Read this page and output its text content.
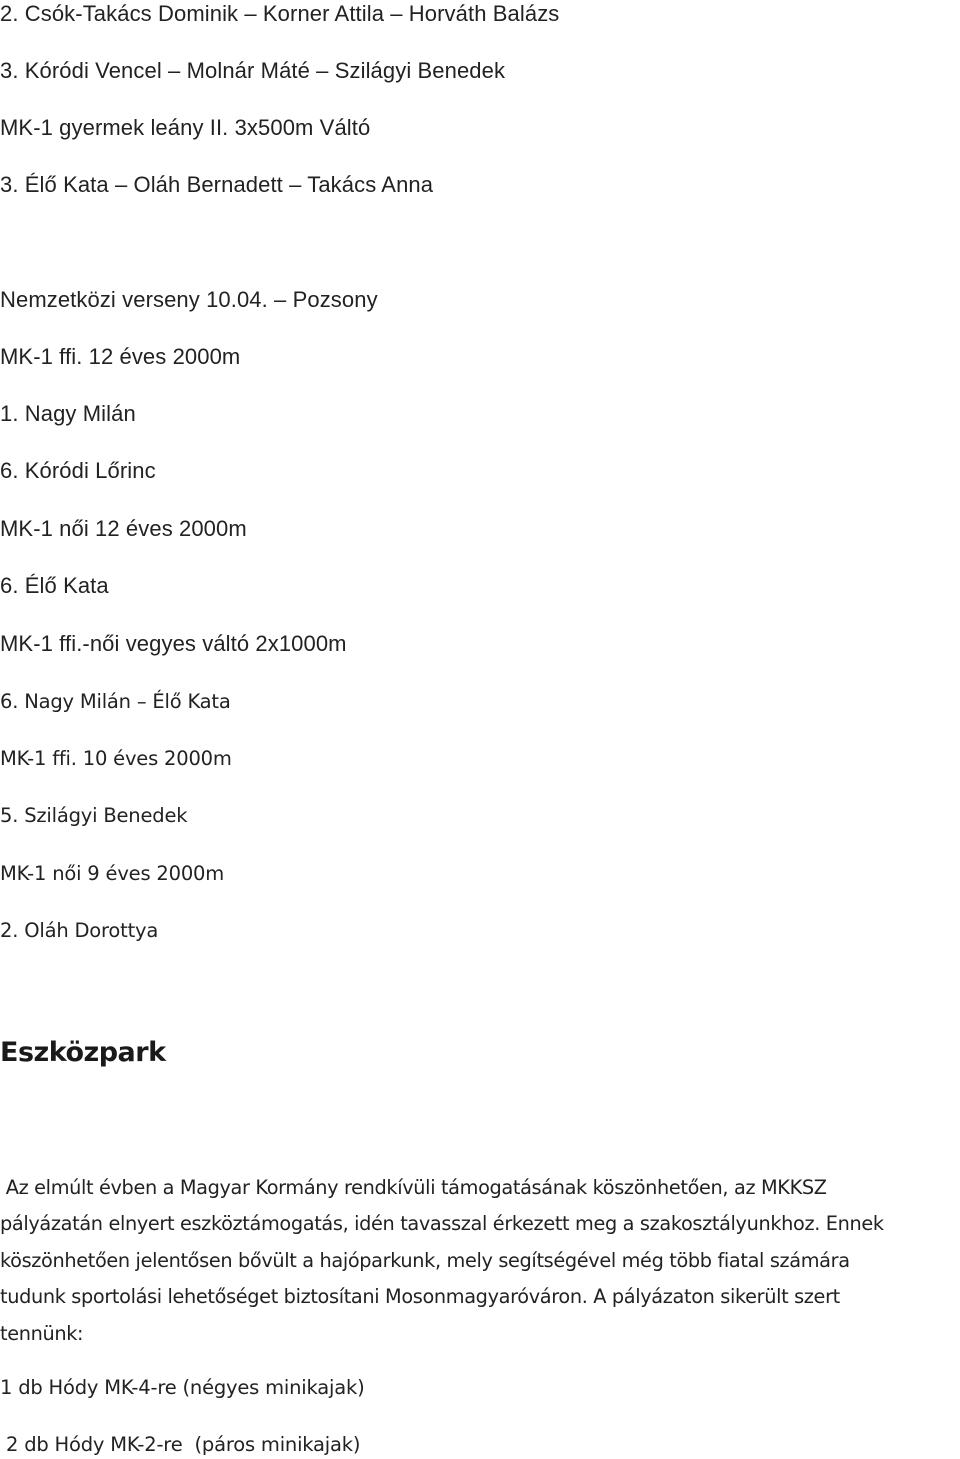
2. Csók-Takács Dominik – Korner Attila – Horváth Balázs

3. Kóródi Vencel – Molnár Máté – Szilágyi Benedek

MK-1 gyermek leány II. 3x500m Váltó

3. Élő Kata – Oláh Bernadett – Takács Anna

Nemzetközi verseny 10.04. – Pozsony

MK-1 ffi. 12 éves 2000m

1. Nagy Milán

6. Kóródi Lőrinc

MK-1 női 12 éves 2000m

6. Élő Kata

MK-1 ffi.-női vegyes váltó 2x1000m

6. Nagy Milán – Élő Kata

MK-1 ffi. 10 éves 2000m

5. Szilágyi Benedek

MK-1 női 9 éves 2000m

2. Oláh Dorottya

Eszközpark
Az elmúlt évben a Magyar Kormány rendkívüli támogatásának köszönhetően, az MKKSZ
pályázatán elnyert eszköztámogatás, idén tavasszal érkezett meg a szakosztályunkhoz. Ennek
köszönhetően jelentősen bővült a hajóparkunk, mely segítségével még több fiatal számára
tudunk sportolási lehetőséget biztosítani Mosonmagyaróváron. A pályázaton sikerült szert
tennünk:

1 db Hódy MK-4-re (négyes minikajak)

2 db Hódy MK-2-re  (páros minikajak)
